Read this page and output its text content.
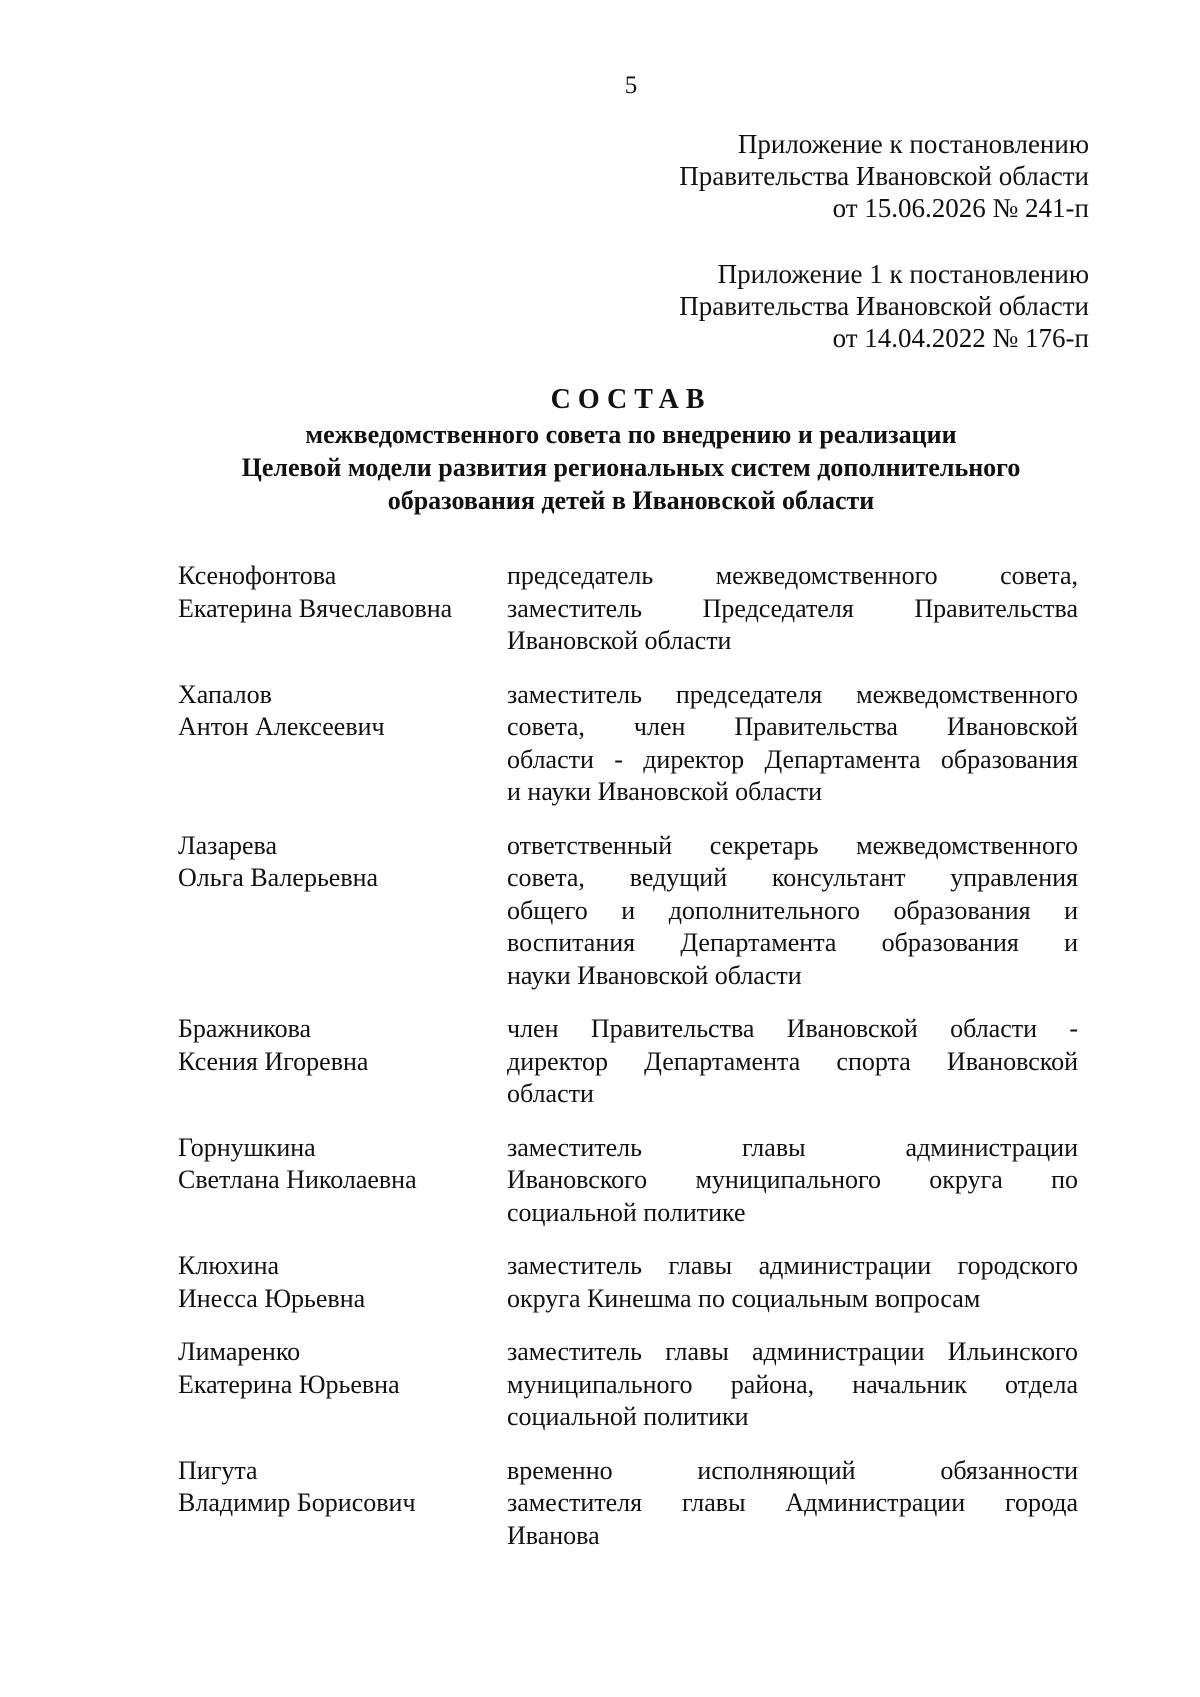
5
Приложение к постановлению
Правительства Ивановской области
от 15.06.2026 № 241-п
Приложение 1 к постановлению
Правительства Ивановской области
от 14.04.2022 № 176-п
СОСТАВ
межведомственного совета по внедрению и реализации
Целевой модели развития региональных систем дополнительного
образования детей в Ивановской области
Ксенофонтова
Екатерина Вячеславовна
председатель межведомственного совета,
заместитель Председателя Правительства
Ивановской области
Хапалов
Антон Алексеевич
заместитель председателя межведомственного
совета, член Правительства Ивановской
области - директор Департамента образования
и науки Ивановской области
Лазарева
Ольга Валерьевна
ответственный секретарь межведомственного
совета, ведущий консультант управления
общего и дополнительного образования и
воспитания Департамента образования и
науки Ивановской области
Бражникова
Ксения Игоревна
член Правительства Ивановской области -
директор Департамента спорта Ивановской
области
Горнушкина
Светлана Николаевна
заместитель главы администрации
Ивановского муниципального округа по
социальной политике
Клюхина
Инесса Юрьевна
заместитель главы администрации городского
округа Кинешма по социальным вопросам
Лимаренко
Екатерина Юрьевна
заместитель главы администрации Ильинского
муниципального района, начальник отдела
социальной политики
Пигута
Владимир Борисович
временно исполняющий обязанности
заместителя главы Администрации города
Иванова
